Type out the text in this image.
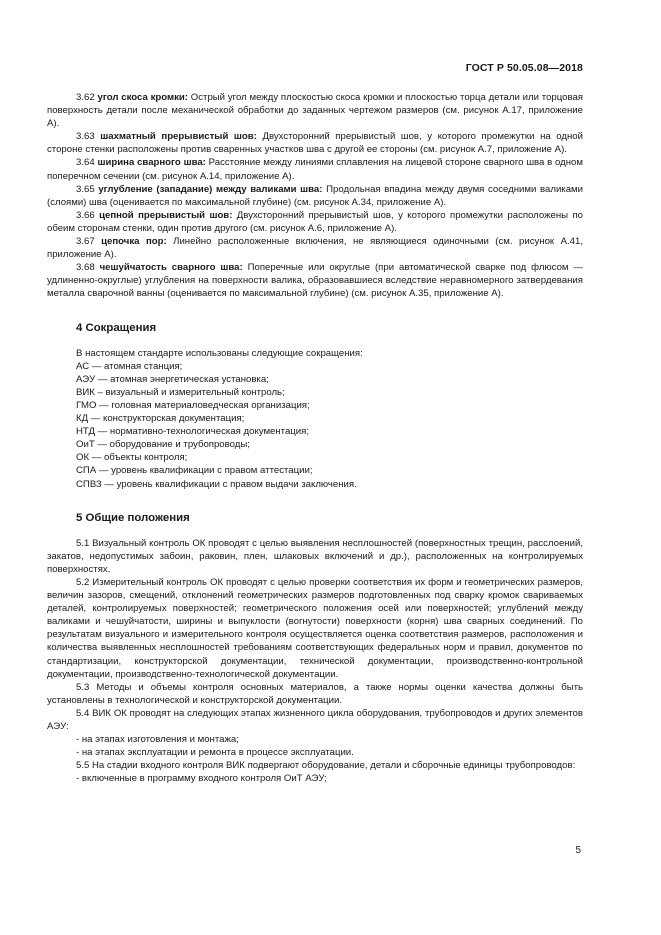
ГОСТ Р 50.05.08—2018

3.62 угол скоса кромки: Острый угол между плоскостью скоса кромки и плоскостью торца детали или торцовая поверхность детали после механической обработки до заданных чертежом размеров (см. рисунок А.17, приложение А).

3.63 шахматный прерывистый шов: Двухсторонний прерывистый шов, у которого промежутки на одной стороне стенки расположены против сваренных участков шва с другой ее стороны (см. рисунок А.7, приложение А).

3.64 ширина сварного шва: Расстояние между линиями сплавления на лицевой стороне сварного шва в одном поперечном сечении (см. рисунок А.14, приложение А).

3.65 углубление (западание) между валиками шва: Продольная впадина между двумя соседними валиками (слоями) шва (оценивается по максимальной глубине) (см. рисунок А.34, приложение А).

3.66 цепной прерывистый шов: Двухсторонний прерывистый шов, у которого промежутки расположены по обеим сторонам стенки, один против другого (см. рисунок А.6, приложение А).

3.67 цепочка пор: Линейно расположенные включения, не являющиеся одиночными (см. рисунок А.41, приложение А).

3.68 чешуйчатость сварного шва: Поперечные или округлые (при автоматической сварке под флюсом — удлиненно-округлые) углубления на поверхности валика, образовавшиеся вследствие неравномерного затвердевания металла сварочной ванны (оценивается по максимальной глубине) (см. рисунок А.35, приложение А).

4 Сокращения

В настоящем стандарте использованы следующие сокращения:

АС — атомная станция;

АЭУ — атомная энергетическая установка;

ВИК – визуальный и измерительный контроль;

ГМО — головная материаловедческая организация;

КД — конструкторская документация;

НТД — нормативно-технологическая документация;

ОиТ — оборудование и трубопроводы;

ОК — объекты контроля;

СПА — уровень квалификации с правом аттестации;

СПВЗ — уровень квалификации с правом выдачи заключения.

5 Общие положения

5.1 Визуальный контроль ОК проводят с целью выявления несплошностей (поверхностных трещин, расслоений, закатов, недопустимых забоин, раковин, плен, шлаковых включений и др.), расположенных на контролируемых поверхностях.

5.2 Измерительный контроль ОК проводят с целью проверки соответствия их форм и геометрических размеров, величин зазоров, смещений, отклонений геометрических размеров подготовленных под сварку кромок свариваемых деталей, контролируемых поверхностей; геометрического положения осей или поверхностей; углублений между валиками и чешуйчатости, ширины и выпуклости (вогнутости) поверхности (корня) шва сварных соединений. По результатам визуального и измерительного контроля осуществляется оценка соответствия размеров, расположения и количества выявленных несплошностей требованиям соответствующих федеральных норм и правил, документов по стандартизации, конструкторской документации, технической документации, производственно-контрольной документации, производственно-технологической документации.

5.3 Методы и объемы контроля основных материалов, а также нормы оценки качества должны быть установлены в технологической и конструкторской документации.

5.4 ВИК ОК проводят на следующих этапах жизненного цикла оборудования, трубопроводов и других элементов АЭУ:

- на этапах изготовления и монтажа;

- на этапах эксплуатации и ремонта в процессе эксплуатации.

5.5 На стадии входного контроля ВИК подвергают оборудование, детали и сборочные единицы трубопроводов:

- включенные в программу входного контроля ОиТ АЭУ;

5
